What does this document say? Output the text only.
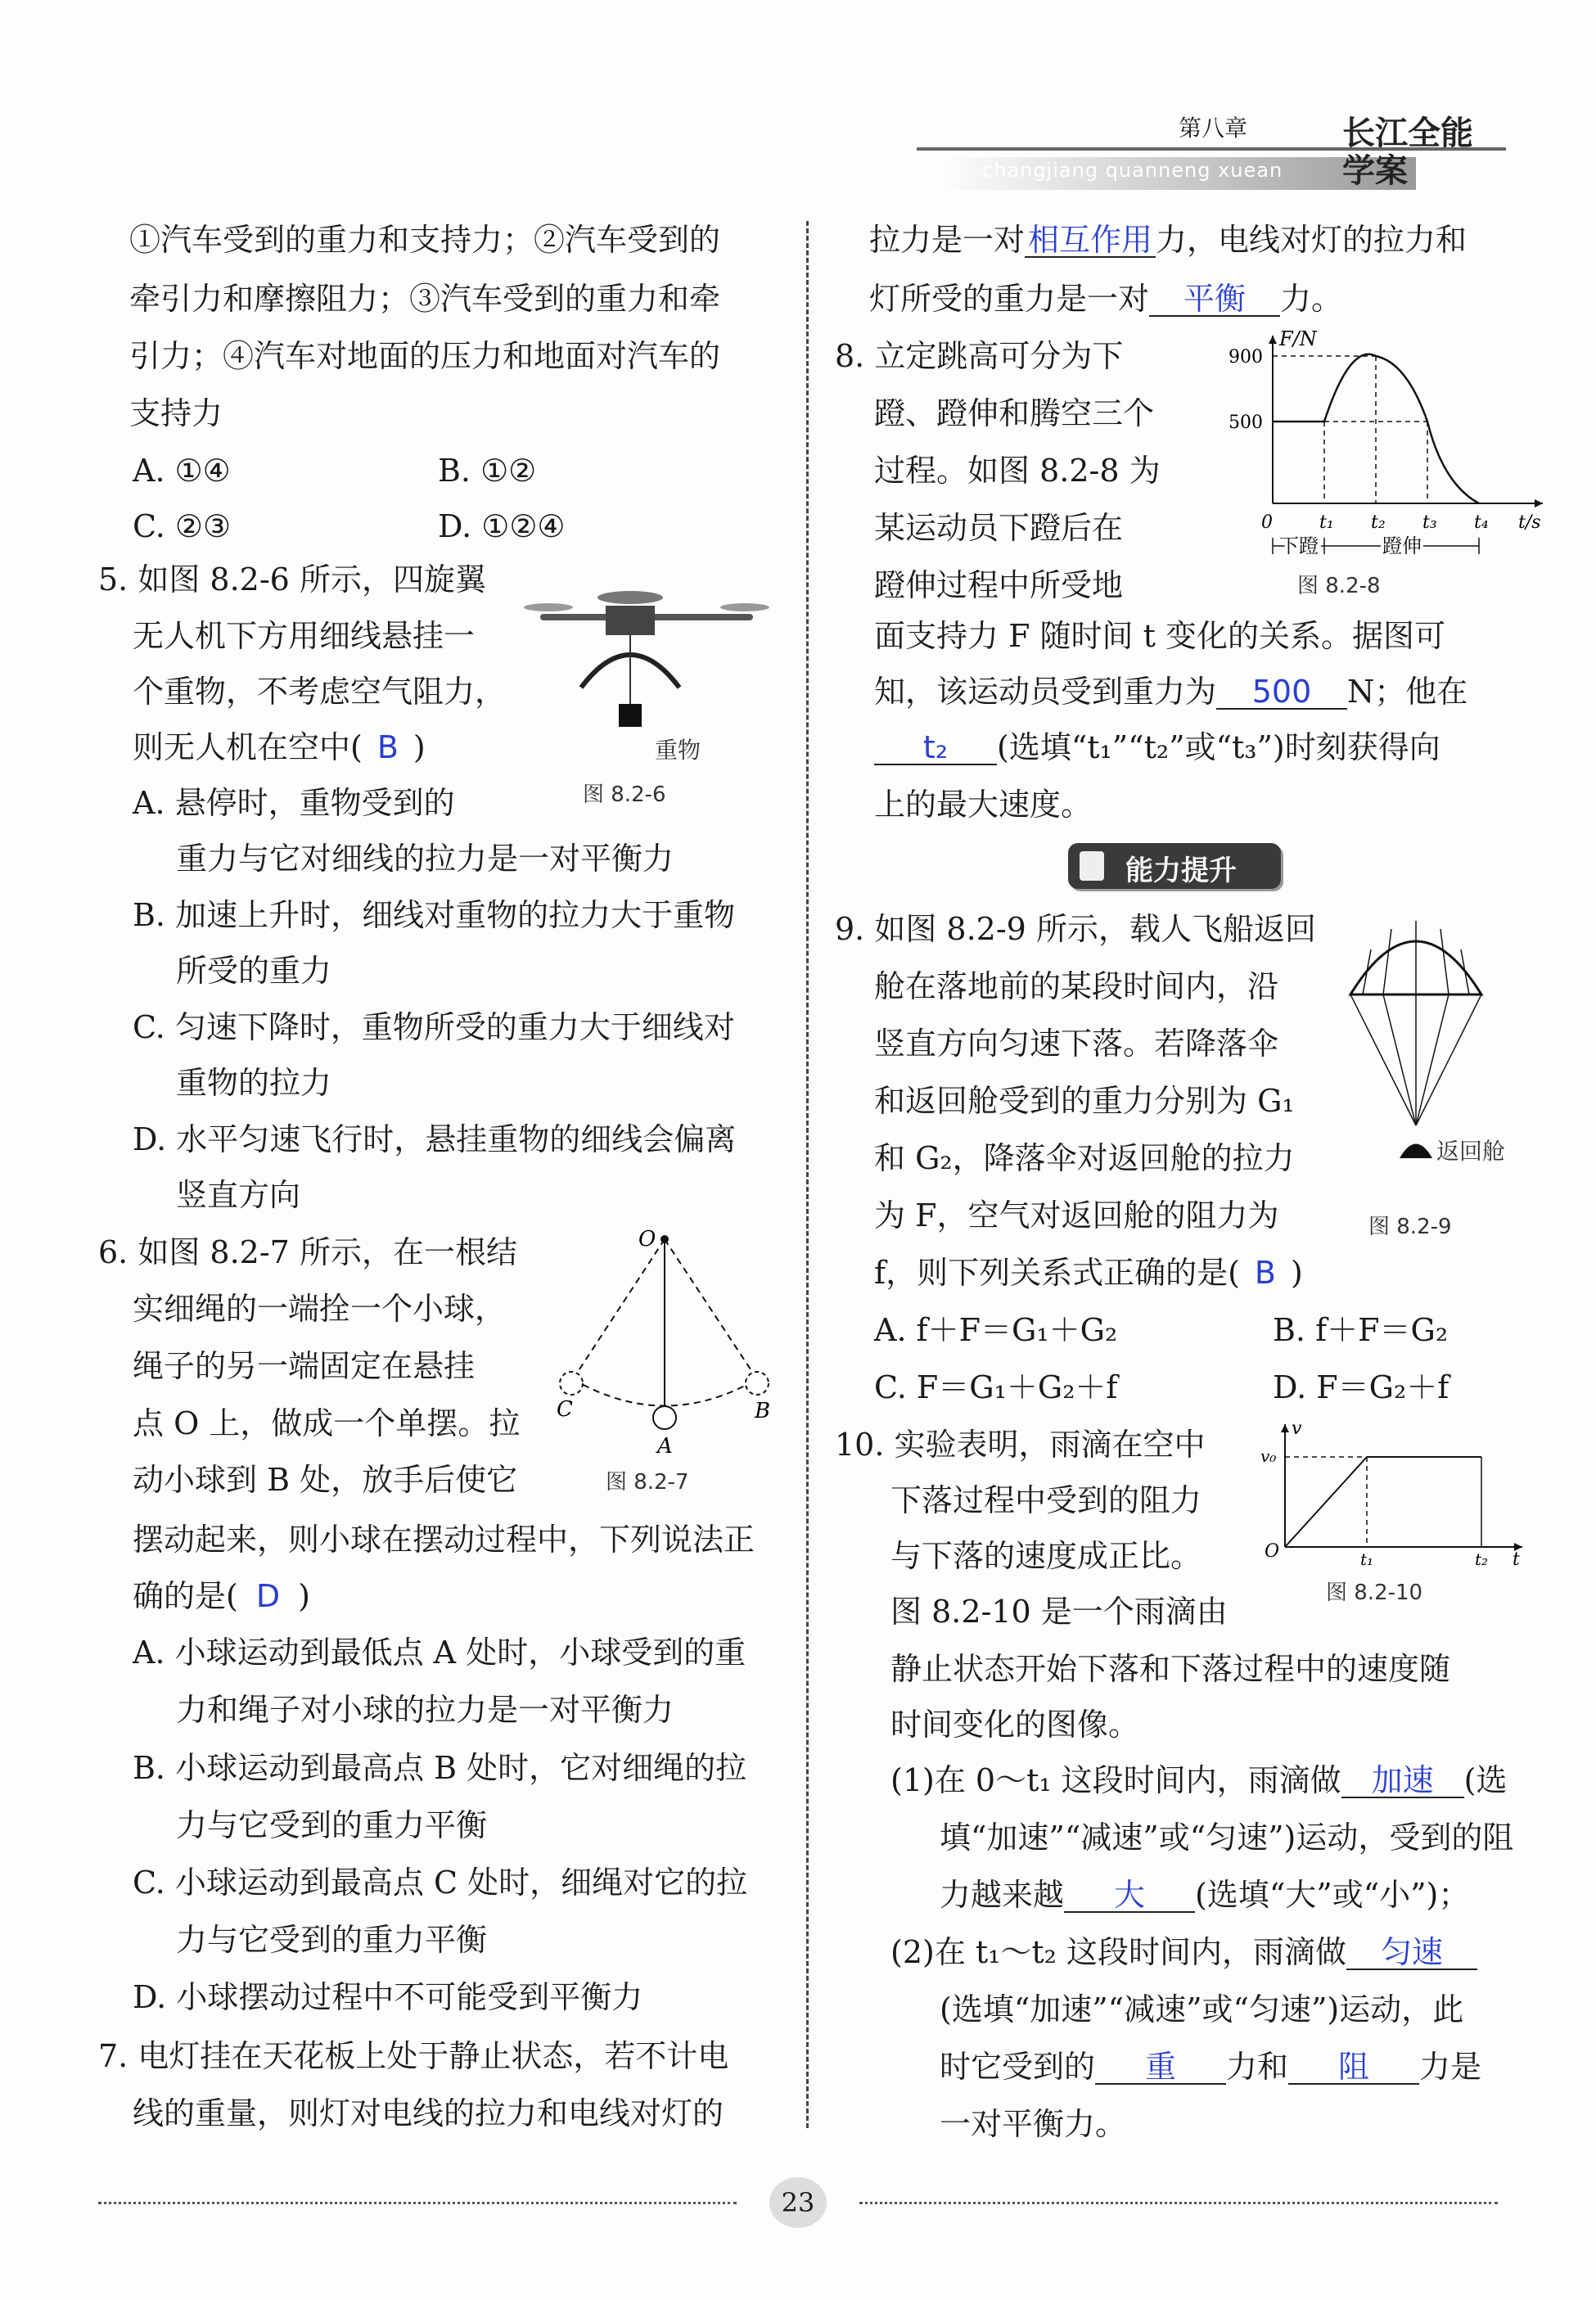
第八章
changjiang quanneng xuean
长江全能学案
①汽车受到的重力和支持力；②汽车受到的
牵引力和摩擦阻力；③汽车受到的重力和牵
引力；④汽车对地面的压力和地面对汽车的
支持力
A. ①④	B. ①②
C. ②③	D. ①②④
5. 如图 8.2-6 所示，四旋翼
无人机下方用细线悬挂一
个重物，不考虑空气阻力，
则无人机在空中( B )	重物
图 8.2-6
A. 悬停时，重物受到的
重力与它对细线的拉力是一对平衡力
B. 加速上升时，细线对重物的拉力大于重物
所受的重力
C. 匀速下降时，重物所受的重力大于细线对
重物的拉力
D. 水平匀速飞行时，悬挂重物的细线会偏离
竖直方向
6. 如图 8.2-7 所示，在一根结
实细绳的一端拴一个小球，
绳子的另一端固定在悬挂
点 O 上，做成一个单摆。拉
动小球到 B 处，放手后使它
摆动起来，则小球在摆动过程中，下列说法正
确的是( D )
O
C
A
B
图 8.2-7
A. 小球运动到最低点 A 处时，小球受到的重
力和绳子对小球的拉力是一对平衡力
B. 小球运动到最高点 B 处时，它对细绳的拉
力与它受到的重力平衡
C. 小球运动到最高点 C 处时，细绳对它的拉
力与它受到的重力平衡
D. 小球摆动过程中不可能受到平衡力
7. 电灯挂在天花板上处于静止状态，若不计电
线的重量，则灯对电线的拉力和电线对灯的
拉力是一对 相互作用 力，电线对灯的拉力和
灯所受的重力是一对 平衡 力。
8. 立定跳高可分为下
蹬、蹬伸和腾空三个
过程。如图 8.2-8 为
某运动员下蹬后在
蹬伸过程中所受地
面支持力 F 随时间 t 变化的关系。据图可
知，该运动员受到重力为 500 N；他在
t₂ (选填“t₁”“t₂”或“t₃”)时刻获得向
上的最大速度。
F/N
t/s
500
900
0	t₁ t₂ t₃ t₄
下蹬	蹬伸
图 8.2-8
能力提升
9. 如图 8.2-9 所示，载人飞船返回
舱在落地前的某段时间内，沿
竖直方向匀速下落。若降落伞
和返回舱受到的重力分别为 G₁
和 G₂，降落伞对返回舱的拉力
为 F，空气对返回舱的阻力为
f，则下列关系式正确的是( B )
返回舱
图 8.2-9
A. f＋F＝G₁＋G₂	B. f＋F＝G₂
C. F＝G₁＋G₂＋f	D. F＝G₂＋f
10. 实验表明，雨滴在空中
下落过程中受到的阻力
与下落的速度成正比。
图 8.2-10 是一个雨滴由
静止状态开始下落和下落过程中的速度随
时间变化的图像。
v
v₀
O	t₁	t₂ t
图 8.2-10
(1)在 0～t₁ 这段时间内，雨滴做 加速 (选
填“加速”“减速”或“匀速”)运动，受到的阻
力越来越 大 (选填“大”或“小”)；
(2)在 t₁～t₂ 这段时间内，雨滴做 匀速
(选填“加速”“减速”或“匀速”)运动，此
时它受到的 重 力和 阻 力是
一对平衡力。
23
